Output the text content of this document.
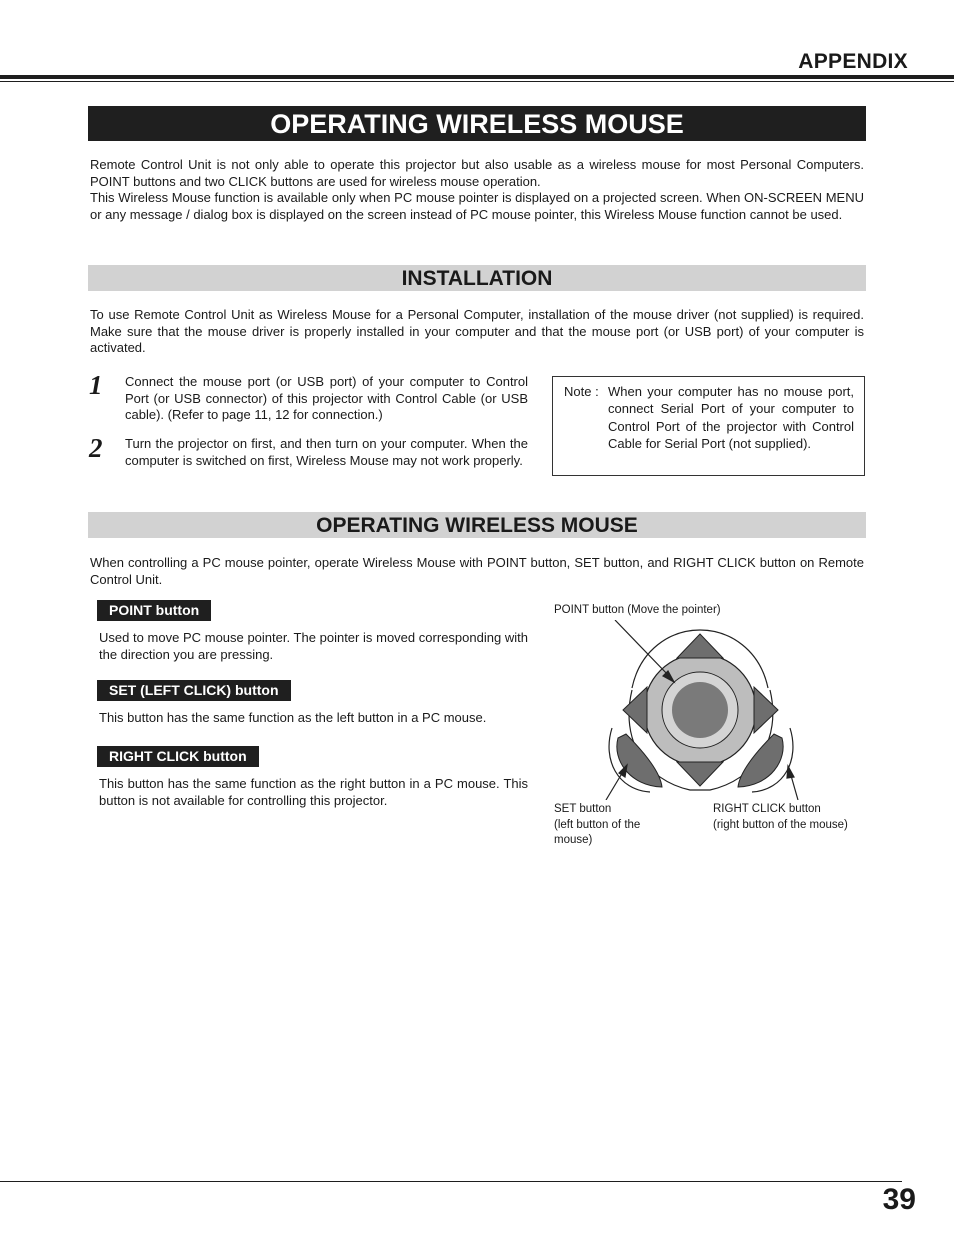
APPENDIX
OPERATING WIRELESS MOUSE
Remote Control Unit is not only able to operate this projector but also usable as a wireless mouse for most Personal Computers. POINT buttons and two CLICK buttons are used for wireless mouse operation.
This Wireless Mouse function is available only when PC mouse pointer is displayed on a projected screen. When ON-SCREEN MENU or any message / dialog box is displayed on the screen instead of PC mouse pointer, this Wireless Mouse function cannot be used.
INSTALLATION
To use Remote Control Unit as Wireless Mouse for a Personal Computer, installation of the mouse driver (not supplied) is required. Make sure that the mouse driver is properly installed in your computer and that the mouse port (or USB port) of your computer is activated.
1 Connect the mouse port (or USB port) of your computer to Control Port (or USB connector) of this projector with Control Cable (or USB cable). (Refer to page 11, 12 for connection.)
2 Turn the projector on first, and then turn on your computer. When the computer is switched on first, Wireless Mouse may not work properly.
Note : When your computer has no mouse port, connect Serial Port of your computer to Control Port of the projector with Control Cable for Serial Port (not supplied).
OPERATING WIRELESS MOUSE
When controlling a PC mouse pointer, operate Wireless Mouse with POINT button, SET button, and RIGHT CLICK button on Remote Control Unit.
POINT button
Used to move PC mouse pointer. The pointer is moved corresponding with the direction you are pressing.
SET (LEFT CLICK) button
This button has the same function as the left button in a PC mouse.
RIGHT CLICK button
This button has the same function as the right button in a PC mouse. This button is not available for controlling this projector.
POINT button (Move the pointer)
SET button
(left button of the
mouse)
RIGHT CLICK button
(right button of the mouse)
39
